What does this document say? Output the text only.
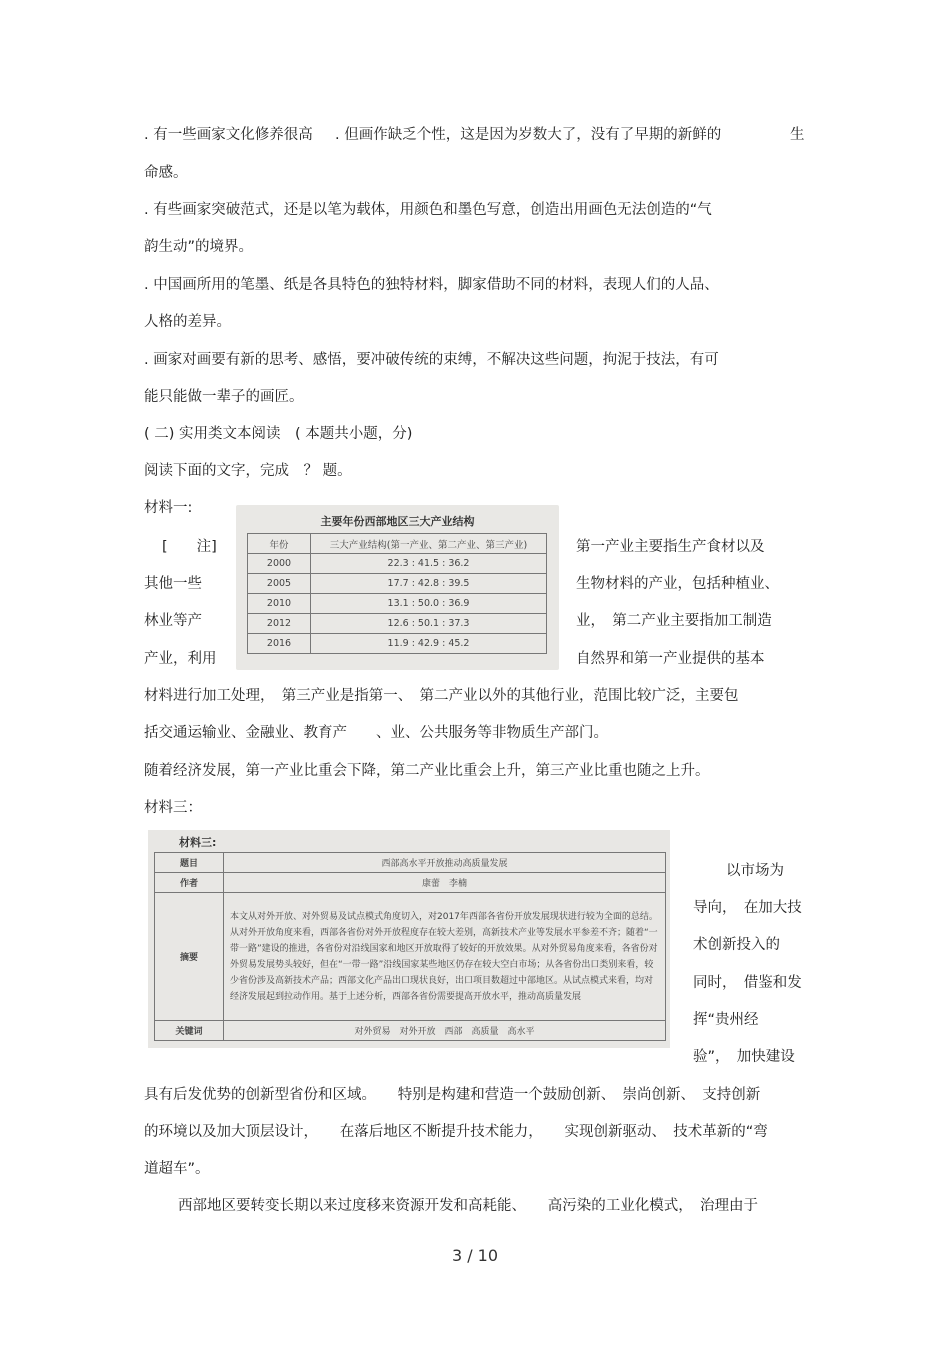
. 有一些画家文化修养很高 . 但画作缺乏个性，这是因为岁数大了，没有了早期的新鲜的	生
命感。
. 有些画家突破范式，还是以笔为载体，用颜色和墨色写意，创造出用画色无法创造的“气
韵生动”的境界。
. 中国画所用的笔墨、纸是各具特色的独特材料，脚家借助不同的材料，表现人们的人品、
人格的差异。
. 画家对画要有新的思考、感悟，要冲破传统的束缚，不解决这些问题，拘泥于技法，有可
能只能做一辈子的画匠。
( 二) 实用类文本阅读　( 本题共小题，分)
阅读下面的文字，完成　？ 题。
材料一:
[　　注]	第一产业主要指生产食材以及
其他一些	生物材料的产业，包括种植业、
林业等产	业，　第二产业主要指加工制造
产业，利用	自然界和第一产业提供的基本
材料进行加工处理，　第三产业是指第一、　第二产业以外的其他行业，范围比较广泛，主要包
括交通运输业、金融业、教育产　　、业、公共服务等非物质生产部门。
随着经济发展，第一产业比重会下降，第二产业比重会上升，第三产业比重也随之上升。
材料三：
以市场为
导向，　在加大技
术创新投入的
同时，　借鉴和发
挥“贵州经
验”，　加快建设
具有后发优势的创新型省份和区域。　　特别是构建和营造一个鼓励创新、　崇尚创新、　支持创新
的环境以及加大顶层设计，　　在落后地区不断提升技术能力，　　实现创新驱动、　技术革新的“弯
道超车”。
西部地区要转变长期以来过度移来资源开发和高耗能、　　高污染的工业化模式，　治理由于
主要年份西部地区三大产业结构
年份	三大产业结构(第一产业、第二产业、第三产业)
2000	22.3 : 41.5 : 36.2
2005	17.7 : 42.8 : 39.5
2010	13.1 : 50.0 : 36.9
2012	12.6 : 50.1 : 37.3
2016	11.9 : 42.9 : 45.2
材料三:
题目	西部高水平开放推动高质量发展
作者	康蕾　李楠
摘要	本文从对外开放、对外贸易及试点模式角度切入，对2017年西部各省份开放发展现状进行较为全面的总结。从对外开放角度来看，西部各省份对外开放程度存在较大差别，高新技术产业等发展水平参差不齐；随着“一带一路”建设的推进，各省份对沿线国家和地区开放取得了较好的开放效果。从对外贸易角度来看，各省份对外贸易发展势头较好，但在“一带一路”沿线国家某些地区仍存在较大空白市场；从各省份出口类别来看，较少省份涉及高新技术产品；西部文化产品出口现状良好，出口项目数超过中部地区。从试点模式来看，均对经济发展起到拉动作用。基于上述分析，西部各省份需要提高开放水平，推动高质量发展
关键词	对外贸易　对外开放　西部　高质量　高水平
3 / 10
